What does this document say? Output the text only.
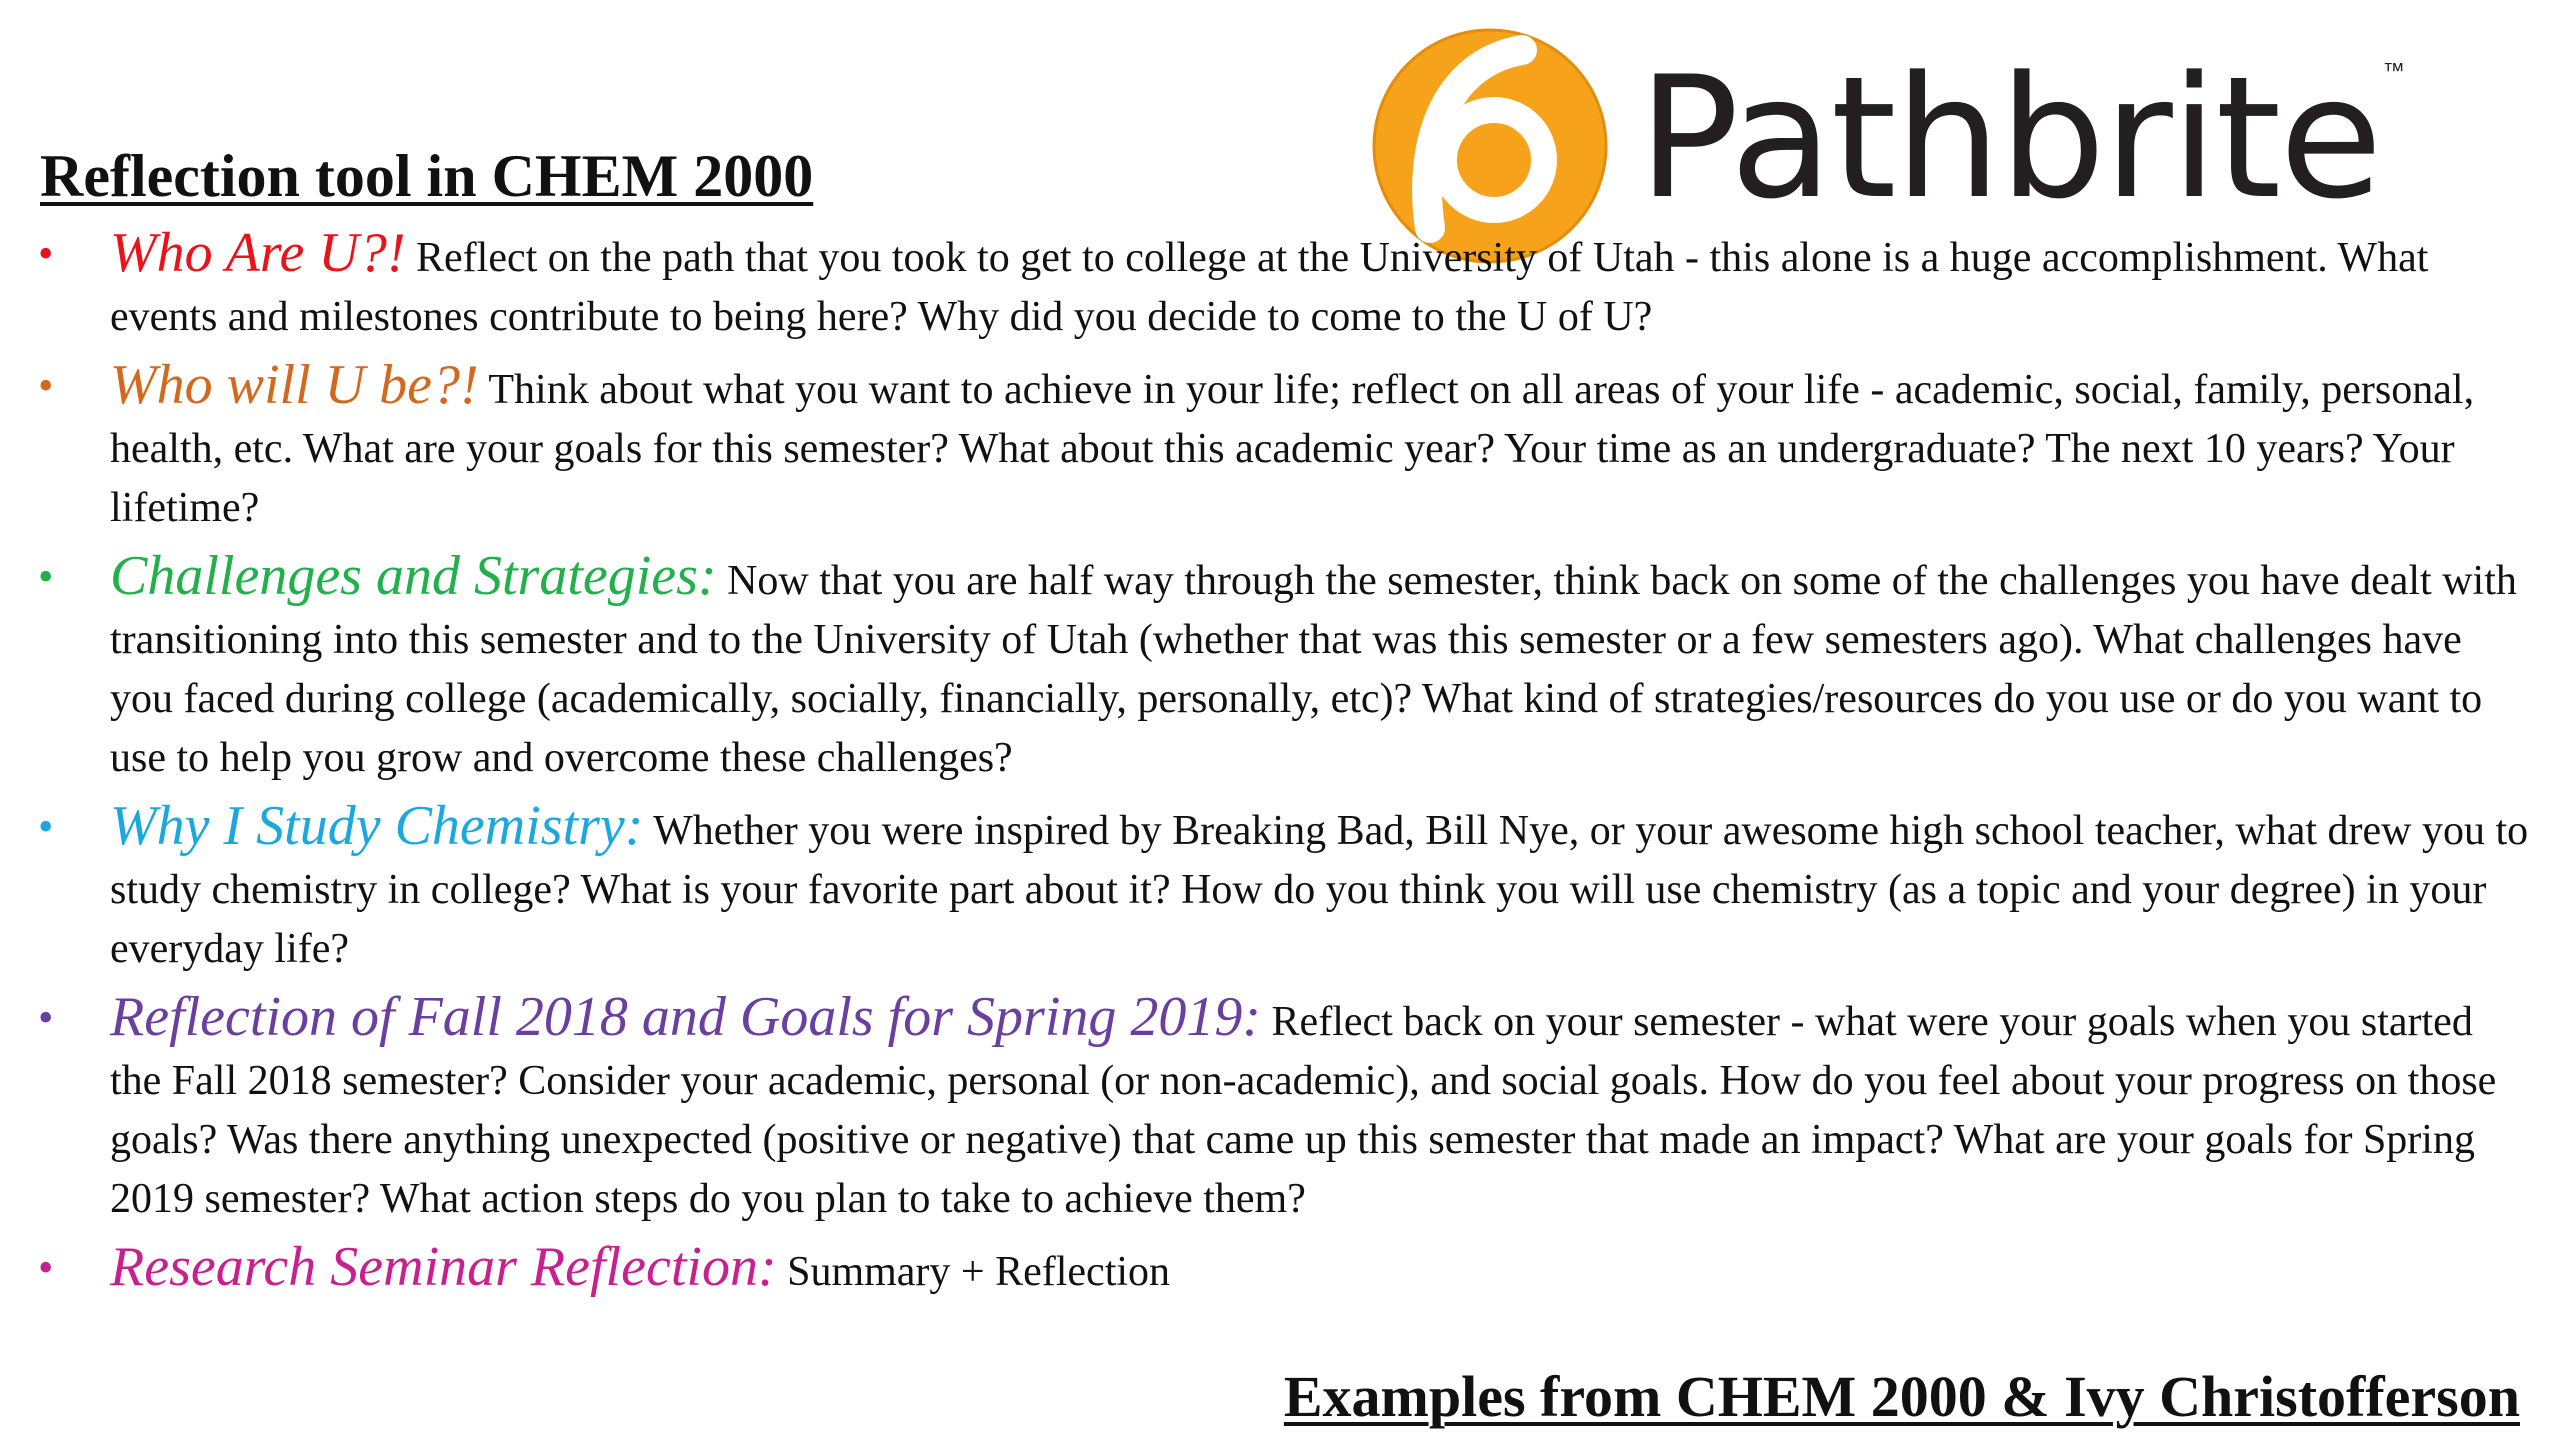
Pathbrite™
Reflection tool in CHEM 2000
• Who Are U?! Reflect on the path that you took to get to college at the University of Utah - this alone is a huge accomplishment. What events and milestones contribute to being here? Why did you decide to come to the U of U?
• Who will U be?! Think about what you want to achieve in your life; reflect on all areas of your life - academic, social, family, personal, health, etc. What are your goals for this semester? What about this academic year? Your time as an undergraduate? The next 10 years? Your lifetime?
• Challenges and Strategies: Now that you are half way through the semester, think back on some of the challenges you have dealt with transitioning into this semester and to the University of Utah (whether that was this semester or a few semesters ago). What challenges have you faced during college (academically, socially, financially, personally, etc)? What kind of strategies/resources do you use or do you want to use to help you grow and overcome these challenges?
• Why I Study Chemistry: Whether you were inspired by Breaking Bad, Bill Nye, or your awesome high school teacher, what drew you to study chemistry in college? What is your favorite part about it? How do you think you will use chemistry (as a topic and your degree) in your everyday life?
• Reflection of Fall 2018 and Goals for Spring 2019: Reflect back on your semester - what were your goals when you started the Fall 2018 semester? Consider your academic, personal (or non-academic), and social goals. How do you feel about your progress on those goals? Was there anything unexpected (positive or negative) that came up this semester that made an impact? What are your goals for Spring 2019 semester? What action steps do you plan to take to achieve them?
• Research Seminar Reflection: Summary + Reflection

Examples from CHEM 2000 & Ivy Christofferson
